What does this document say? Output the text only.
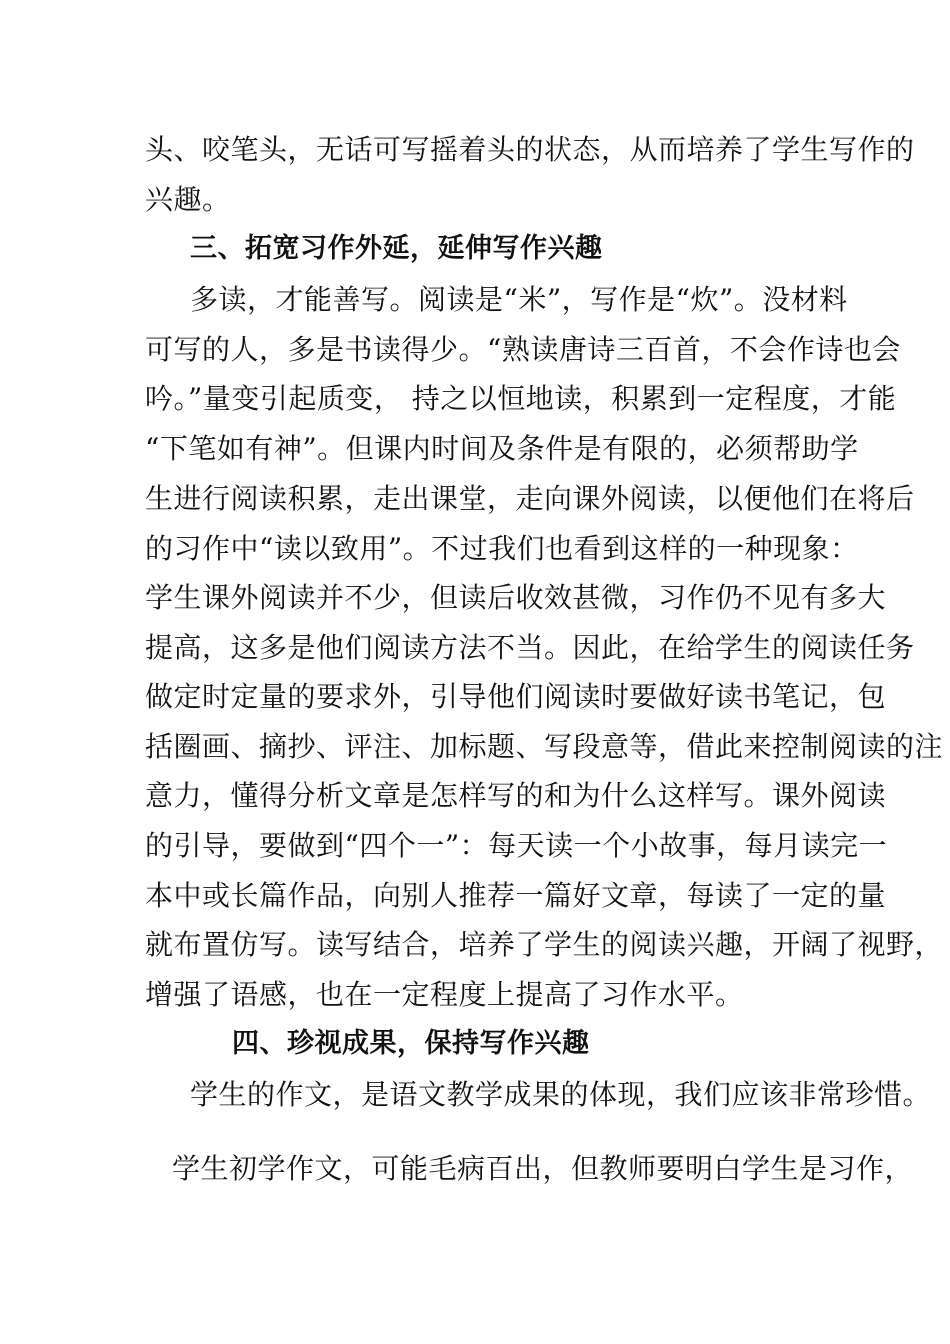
头、咬笔头，无话可写摇着头的状态，从而培养了学生写作的
兴趣。
三、拓宽习作外延，延伸写作兴趣
多读，才能善写。阅读是“米”，写作是“炊”。没材料
可写的人，多是书读得少。“熟读唐诗三百首，不会作诗也会
吟。”量变引起质变， 持之以恒地读，积累到一定程度，才能
“下笔如有神”。但课内时间及条件是有限的，必须帮助学
生进行阅读积累，走出课堂，走向课外阅读，以便他们在将后
的习作中“读以致用”。不过我们也看到这样的一种现象：
学生课外阅读并不少，但读后收效甚微，习作仍不见有多大
提高，这多是他们阅读方法不当。因此，在给学生的阅读任务
做定时定量的要求外，引导他们阅读时要做好读书笔记，包
括圈画、摘抄、评注、加标题、写段意等，借此来控制阅读的注
意力，懂得分析文章是怎样写的和为什么这样写。课外阅读
的引导，要做到“四个一”：每天读一个小故事，每月读完一
本中或长篇作品，向别人推荐一篇好文章，每读了一定的量
就布置仿写。读写结合，培养了学生的阅读兴趣，开阔了视野，
增强了语感，也在一定程度上提高了习作水平。
四、珍视成果，保持写作兴趣
学生的作文，是语文教学成果的体现，我们应该非常珍惜。
学生初学作文，可能毛病百出，但教师要明白学生是习作，
